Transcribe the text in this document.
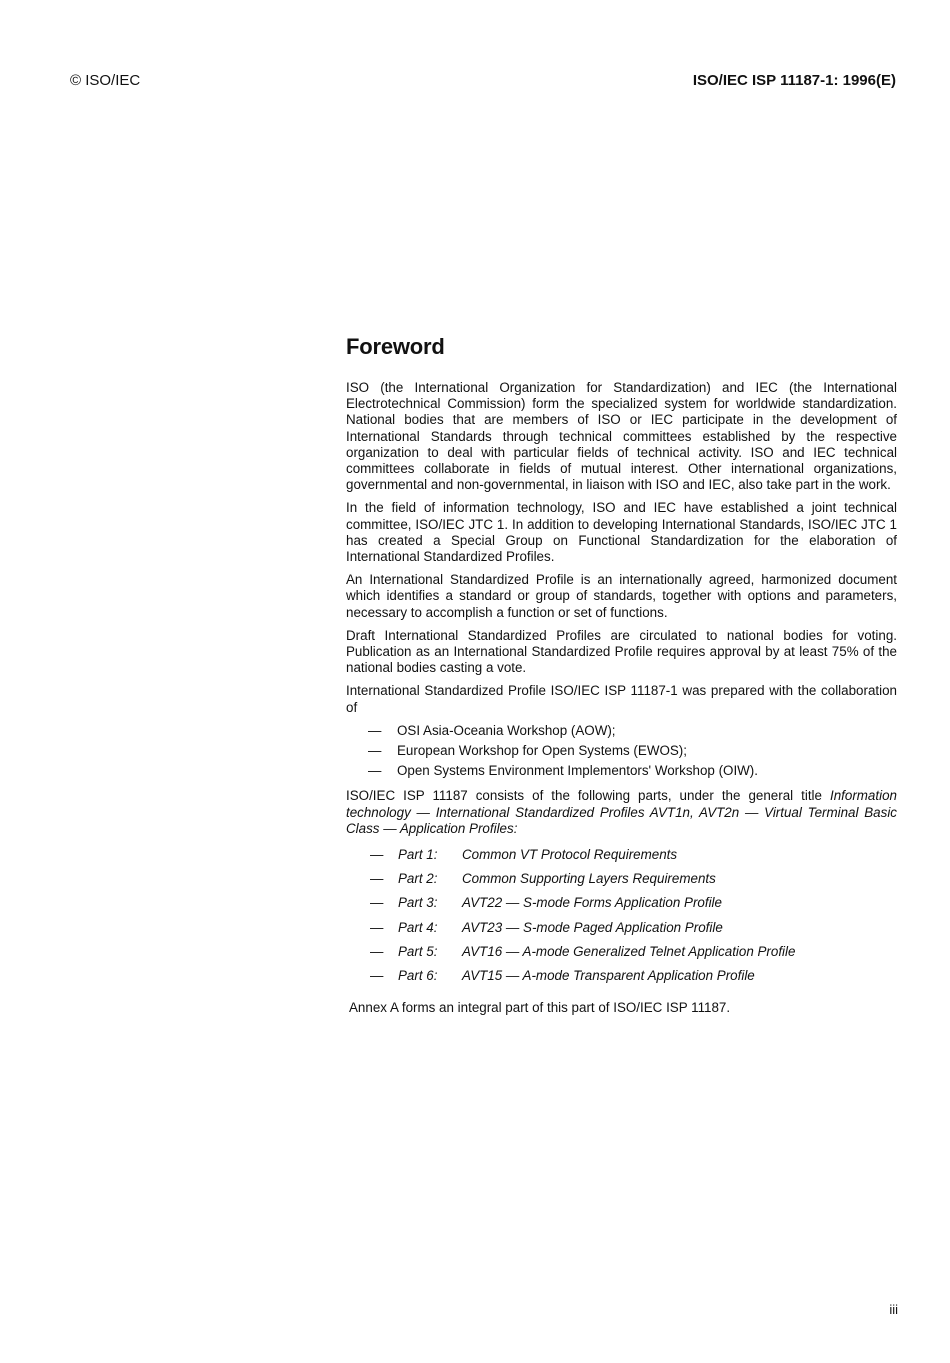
© ISO/IEC	ISO/IEC ISP 11187-1: 1996(E)
Foreword

ISO (the International Organization for Standardization) and IEC (the International Electrotechnical Commission) form the specialized system for worldwide standardization. National bodies that are members of ISO or IEC participate in the development of International Standards through technical committees established by the respective organization to deal with particular fields of technical activity. ISO and IEC technical committees collaborate in fields of mutual interest. Other international organizations, governmental and non-governmental, in liaison with ISO and IEC, also take part in the work.

In the field of information technology, ISO and IEC have established a joint technical committee, ISO/IEC JTC 1. In addition to developing International Standards, ISO/IEC JTC 1 has created a Special Group on Functional Standardization for the elaboration of International Standardized Profiles.

An International Standardized Profile is an internationally agreed, harmonized document which identifies a standard or group of standards, together with options and parameters, necessary to accomplish a function or set of functions.

Draft International Standardized Profiles are circulated to national bodies for voting. Publication as an International Standardized Profile requires approval by at least 75% of the national bodies casting a vote.

International Standardized Profile ISO/IEC ISP 11187-1 was prepared with the collaboration of

— OSI Asia-Oceania Workshop (AOW);
— European Workshop for Open Systems (EWOS);
— Open Systems Environment Implementors' Workshop (OIW).

ISO/IEC ISP 11187 consists of the following parts, under the general title Information technology — International Standardized Profiles AVT1n, AVT2n — Virtual Terminal Basic Class — Application Profiles:

— Part 1: Common VT Protocol Requirements
— Part 2: Common Supporting Layers Requirements
— Part 3: AVT22 — S-mode Forms Application Profile
— Part 4: AVT23 — S-mode Paged Application Profile
— Part 5: AVT16 — A-mode Generalized Telnet Application Profile
— Part 6: AVT15 — A-mode Transparent Application Profile

Annex A forms an integral part of this part of ISO/IEC ISP 11187.

iii
